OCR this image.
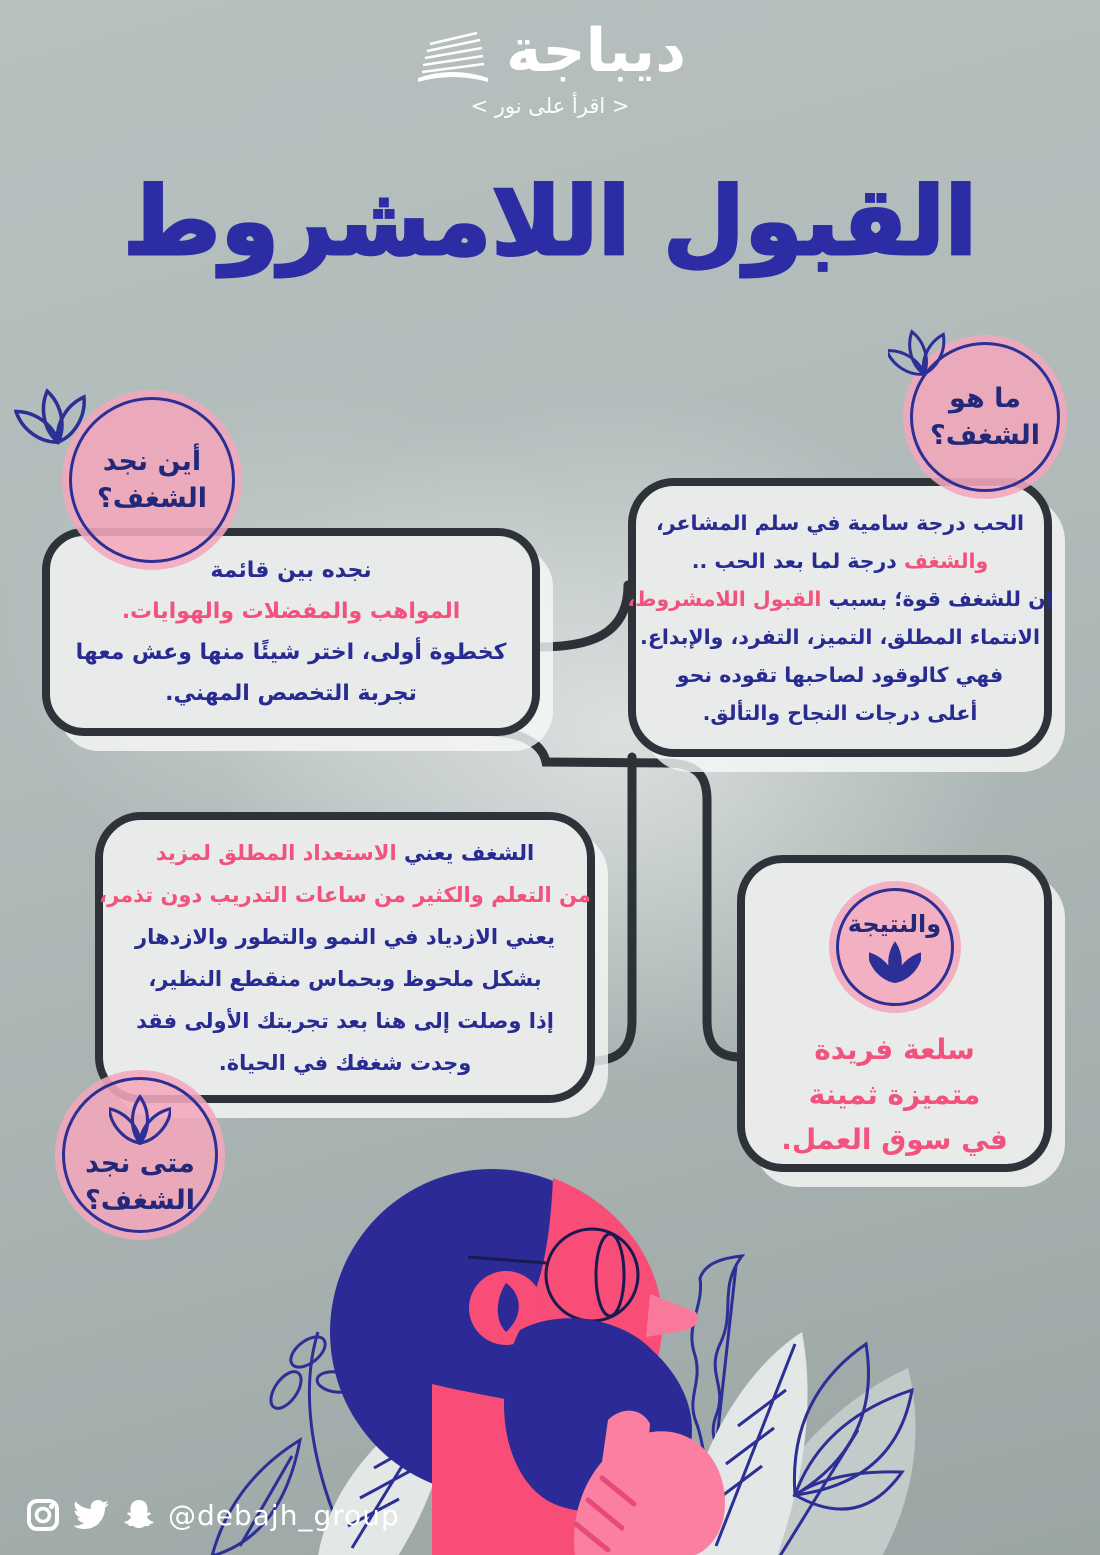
ديباجة
< اقرأ على نور >
القبول اللامشروط
الحب درجة سامية في سلم المشاعر،
والشغف درجة لما بعد الحب ..
إن للشغف قوة؛ بسبب القبول اللامشروط،
الانتماء المطلق، التميز، التفرد، والإبداع.
فهي كالوقود لصاحبها تقوده نحو
أعلى درجات النجاح والتألق.
نجده بين قائمة
المواهب والمفضلات والهوايات.
كخطوة أولى، اختر شيئًا منها وعش معها
تجربة التخصص المهني.
الشغف يعني الاستعداد المطلق لمزيد
من التعلم والكثير من ساعات التدريب دون تذمر،
يعني الازدياد في النمو والتطور والازدهار
بشكل ملحوظ وبحماس منقطع النظير،
إذا وصلت إلى هنا بعد تجربتك الأولى فقد
وجدت شغفك في الحياة.
والنتيجة
سلعة فريدة
متميزة ثمينة
في سوق العمل.
ما هو
الشغف؟
أين نجد
الشغف؟
متى نجد
الشغف؟
@debajh_group
